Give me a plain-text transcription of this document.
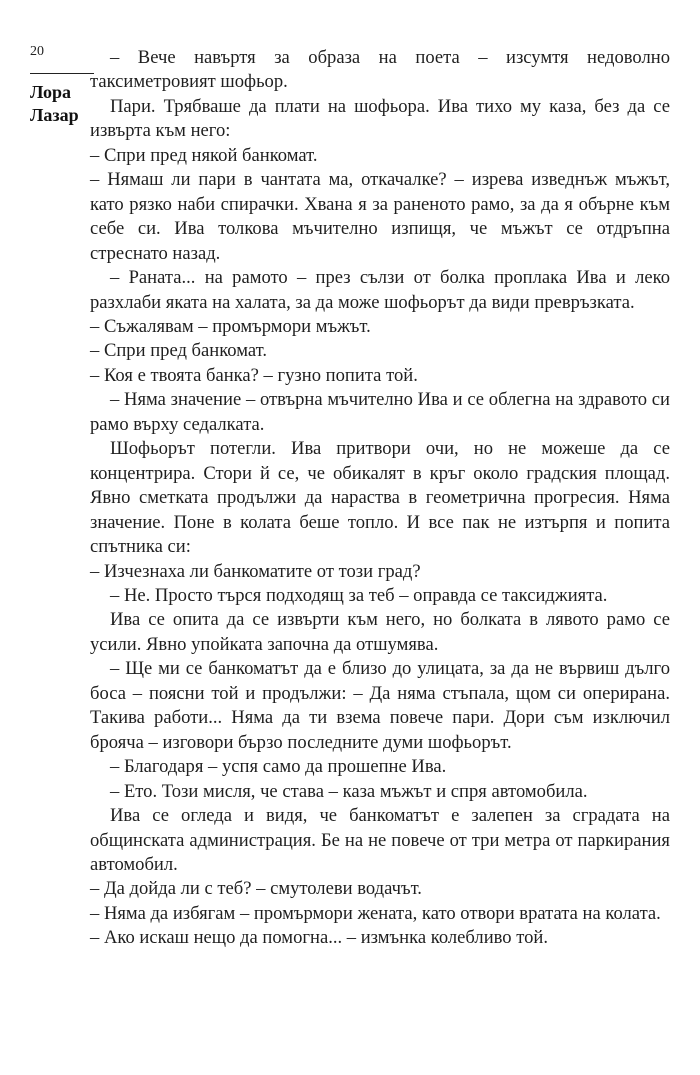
20
Лора
Лазар

– Вече навъртя за образа на поета – изсумтя недоволно таксиметровият шофьор.

Пари. Трябваше да плати на шофьора. Ива тихо му каза, без да се извърта към него:

– Спри пред някой банкомат.

– Нямаш ли пари в чантата ма, откачалке? – изрева изведнъж мъжът, като рязко наби спирачки. Хвана я за раненото рамо, за да я обърне към себе си. Ива толкова мъчително изпищя, че мъжът се отдръпна стреснато назад.

– Раната... на рамото – през сълзи от болка проплака Ива и леко разхлаби яката на халата, за да може шофьорът да види превръзката.

– Съжалявам – промърмори мъжът.

– Спри пред банкомат.

– Коя е твоята банка? – гузно попита той.

– Няма значение – отвърна мъчително Ива и се облегна на здравото си рамо върху седалката.

Шофьорът потегли. Ива притвори очи, но не можеше да се концентрира. Стори й се, че обикалят в кръг около градския площад. Явно сметката продължи да нараства в геометрична прогресия. Няма значение. Поне в колата беше топло. И все пак не изтърпя и попита спътника си:

– Изчезнаха ли банкоматите от този град?

– Не. Просто търся подходящ за теб – оправда се таксиджията.

Ива се опита да се извърти към него, но болката в лявото рамо се усили. Явно упойката започна да отшумява.

– Ще ми се банкоматът да е близо до улицата, за да не вървиш дълго боса – поясни той и продължи: – Да няма стъпала, щом си оперирана. Такива работи... Няма да ти взема повече пари. Дори съм изключил брояча – изговори бързо последните думи шофьорът.

– Благодаря – успя само да прошепне Ива.

– Ето. Този мисля, че става – каза мъжът и спря автомобила.

Ива се огледа и видя, че банкоматът е залепен за сградата на общинската администрация. Бе на не повече от три метра от паркирания автомобил.

– Да дойда ли с теб? – смутолеви водачът.

– Няма да избягам – промърмори жената, като отвори вратата на колата.

– Ако искаш нещо да помогна... – измънка колебливо той.
